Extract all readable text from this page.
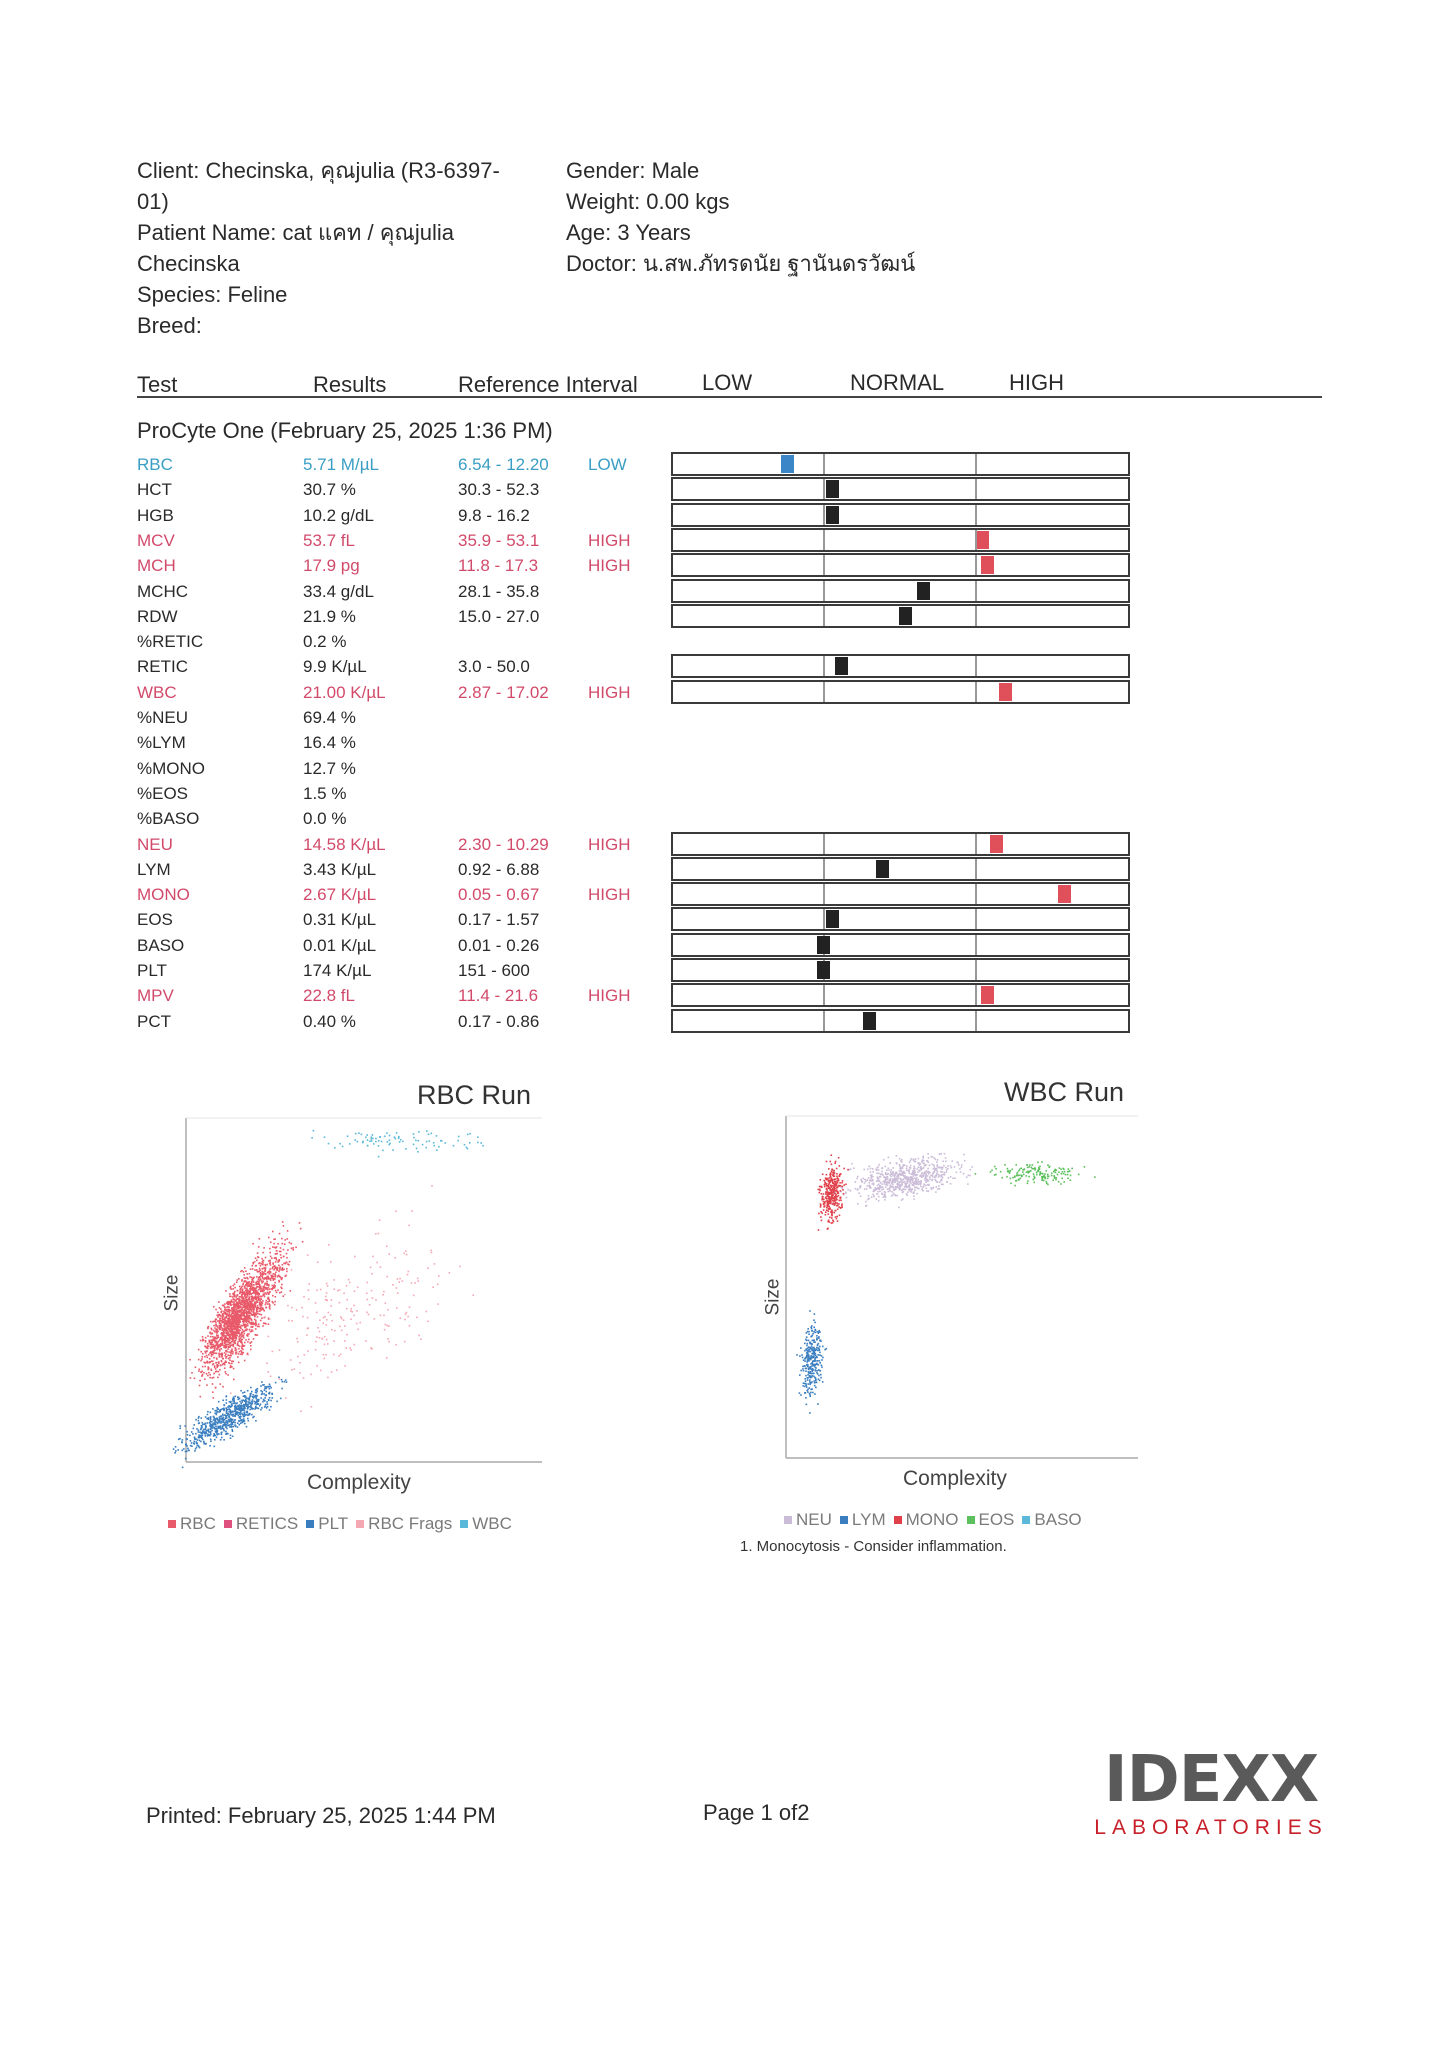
Client: Checinska, คุณjulia (R3-6397-
01)
Patient Name: cat แคท / คุณjulia
Checinska
Species: Feline
Breed:
Gender: Male
Weight: 0.00 kgs
Age: 3 Years
Doctor: น.สพ.ภัทรดนัย ฐานันดรวัฒน์
Test	Results	Reference Interval	LOW	NORMAL	HIGH
ProCyte One (February 25, 2025 1:36 PM)
RBC	5.71 M/µL	6.54 - 12.20 LOW
HCT	30.7 %	30.3 - 52.3
HGB	10.2 g/dL	9.8 - 16.2
MCV	53.7 fL	35.9 - 53.1	HIGH
MCH	17.9 pg	11.8 - 17.3	HIGH
MCHC	33.4 g/dL	28.1 - 35.8
RDW	21.9 %	15.0 - 27.0
%RETIC	0.2 %
RETIC	9.9 K/µL	3.0 - 50.0
WBC	21.00 K/µL	2.87 - 17.02 HIGH
%NEU	69.4 %
%LYM	16.4 %
%MONO	12.7 %
%EOS	1.5 %
%BASO	0.0 %
NEU	14.58 K/µL	2.30 - 10.29 HIGH
LYM	3.43 K/µL	0.92 - 6.88
MONO	2.67 K/µL	0.05 - 0.67	HIGH
EOS	0.31 K/µL	0.17 - 1.57
BASO	0.01 K/µL	0.01 - 0.26
PLT	174 K/µL	151 - 600
MPV	22.8 fL	11.4 - 21.6	HIGH
PCT	0.40 %	0.17 - 0.86
RBC Run
Size
Complexity
RBC RETICS PLT RBC Frags WBC
WBC Run
Size
Complexity
NEU LYM MONO EOS BASO
1. Monocytosis - Consider inflammation.
Printed: February 25, 2025 1:44 PM	Page 1 of2	IDEXX
LABORATORIES
